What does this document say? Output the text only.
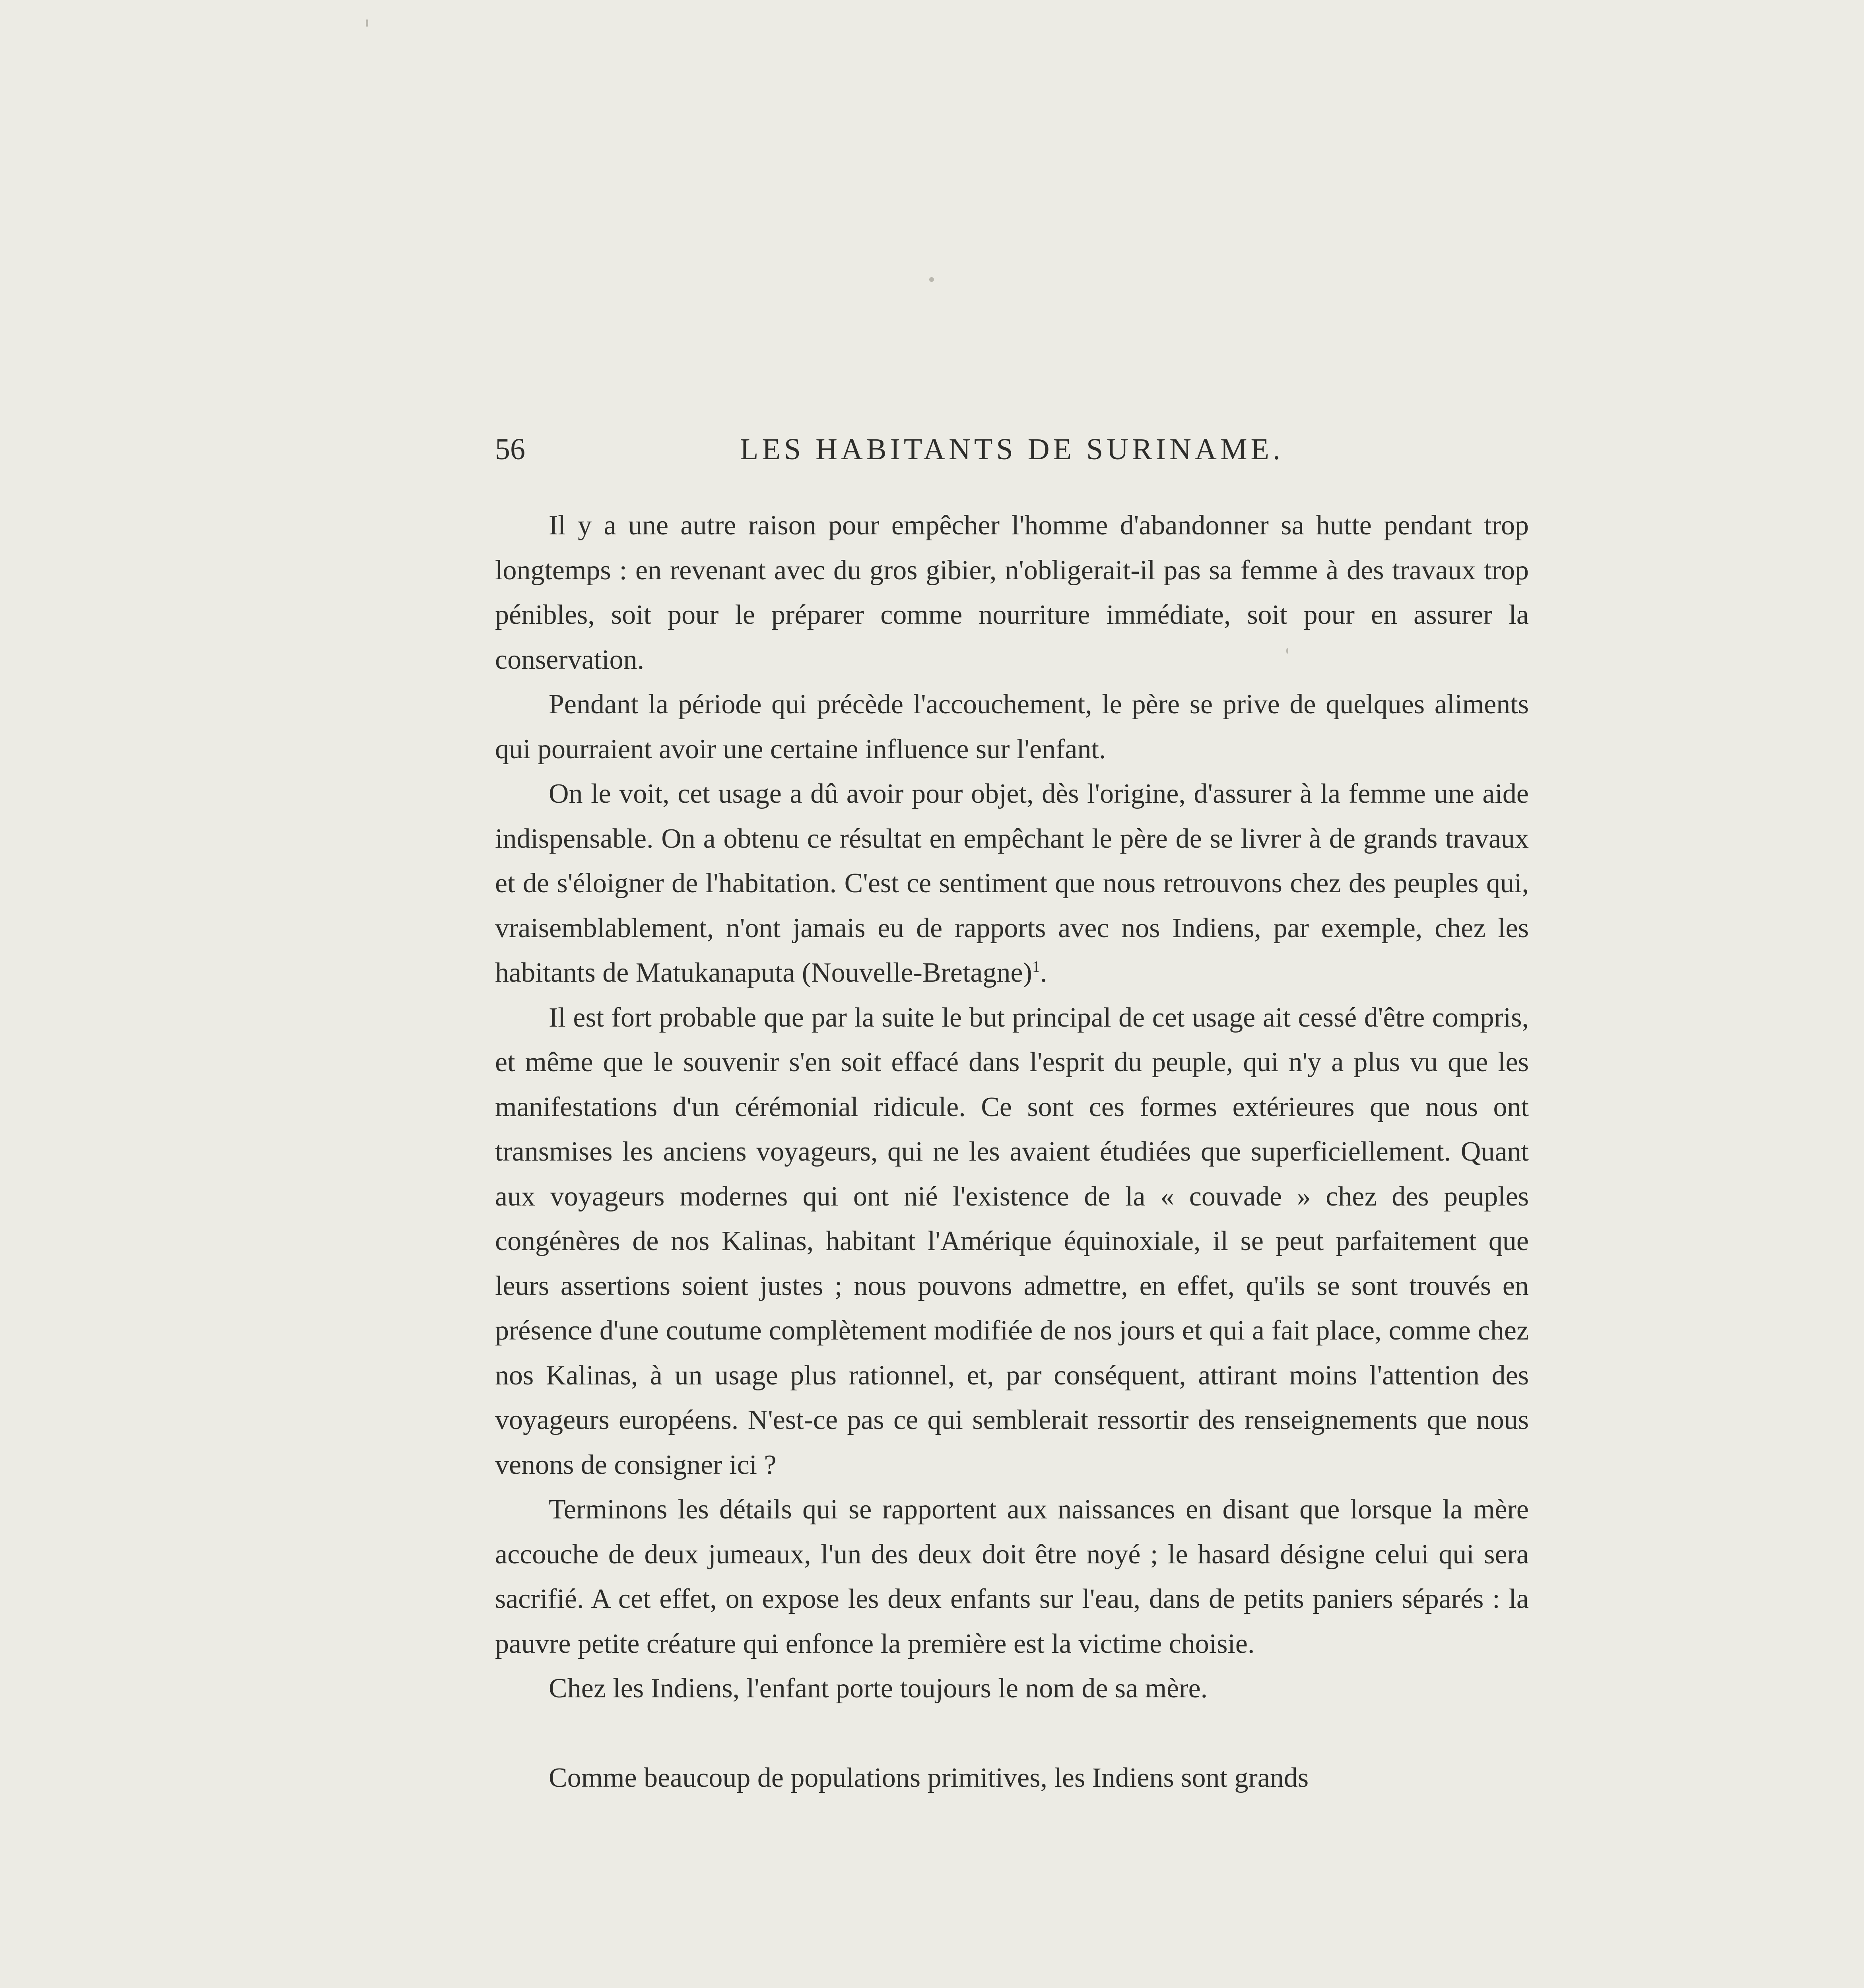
56	LES HABITANTS DE SURINAME.

Il y a une autre raison pour empêcher l'homme d'abandonner sa hutte pendant trop longtemps : en revenant avec du gros gibier, n'obligerait-il pas sa femme à des travaux trop pénibles, soit pour le préparer comme nourriture immédiate, soit pour en assurer la conservation.

Pendant la période qui précède l'accouchement, le père se prive de quelques aliments qui pourraient avoir une certaine influence sur l'enfant.

On le voit, cet usage a dû avoir pour objet, dès l'origine, d'assurer à la femme une aide indispensable. On a obtenu ce résultat en empêchant le père de se livrer à de grands travaux et de s'éloigner de l'habitation. C'est ce sentiment que nous retrouvons chez des peuples qui, vraisemblablement, n'ont jamais eu de rapports avec nos Indiens, par exemple, chez les habitants de Matukanaputa (Nouvelle-Bretagne)$^1$.

Il est fort probable que par la suite le but principal de cet usage ait cessé d'être compris, et même que le souvenir s'en soit effacé dans l'esprit du peuple, qui n'y a plus vu que les manifestations d'un cérémonial ridicule. Ce sont ces formes extérieures que nous ont transmises les anciens voyageurs, qui ne les avaient étudiées que superficiellement. Quant aux voyageurs modernes qui ont nié l'existence de la « couvade » chez des peuples congénères de nos Kalinas, habitant l'Amérique équinoxiale, il se peut parfaitement que leurs assertions soient justes ; nous pouvons admettre, en effet, qu'ils se sont trouvés en présence d'une coutume complètement modifiée de nos jours et qui a fait place, comme chez nos Kalinas, à un usage plus rationnel, et, par conséquent, attirant moins l'attention des voyageurs européens. N'est-ce pas ce qui semblerait ressortir des renseignements que nous venons de consigner ici ?

Terminons les détails qui se rapportent aux naissances en disant que lorsque la mère accouche de deux jumeaux, l'un des deux doit être noyé ; le hasard désigne celui qui sera sacrifié. A cet effet, on expose les deux enfants sur l'eau, dans de petits paniers séparés : la pauvre petite créature qui enfonce la première est la victime choisie.

Chez les Indiens, l'enfant porte toujours le nom de sa mère.

Comme beaucoup de populations primitives, les Indiens sont grands
